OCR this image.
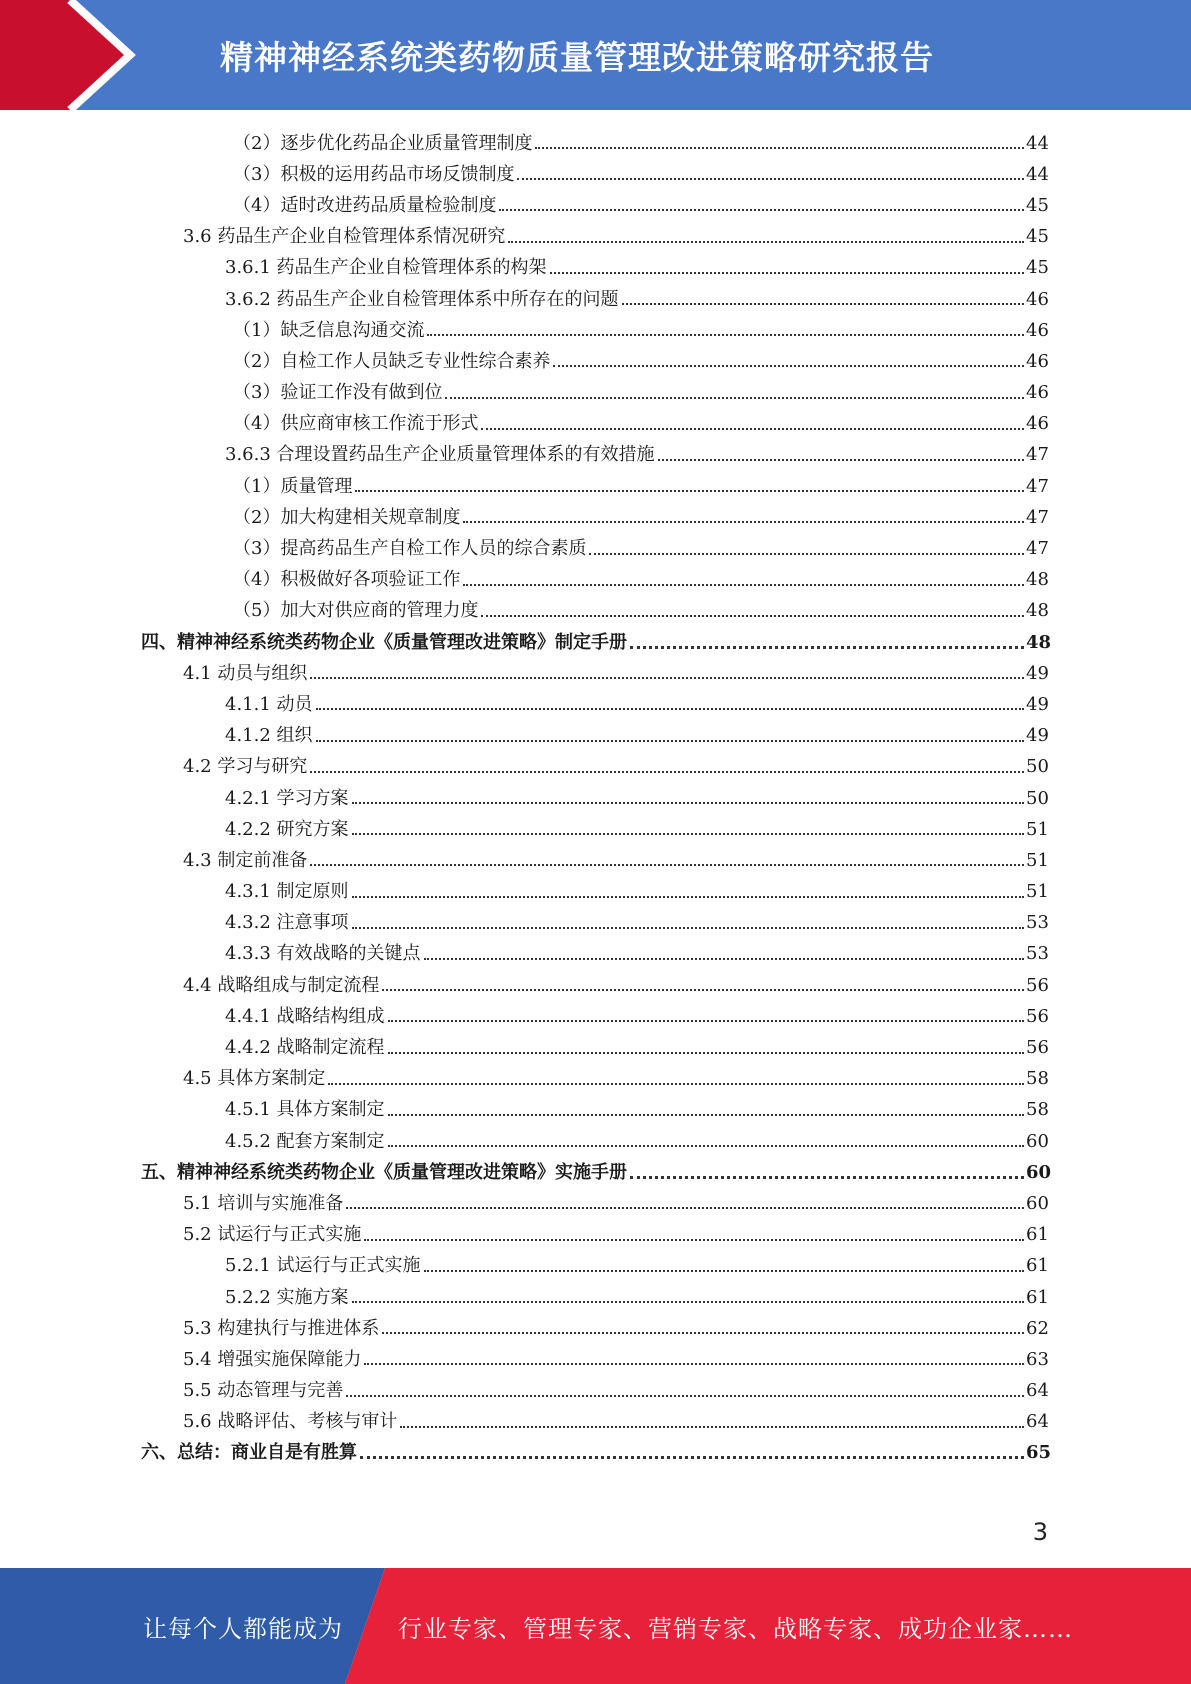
精神神经系统类药物质量管理改进策略研究报告
（2）逐步优化药品企业质量管理制度	44
（3）积极的运用药品市场反馈制度	44
（4）适时改进药品质量检验制度	45
3.6 药品生产企业自检管理体系情况研究	45
3.6.1 药品生产企业自检管理体系的构架	45
3.6.2 药品生产企业自检管理体系中所存在的问题	46
（1）缺乏信息沟通交流	46
（2）自检工作人员缺乏专业性综合素养	46
（3）验证工作没有做到位	46
（4）供应商审核工作流于形式	46
3.6.3 合理设置药品生产企业质量管理体系的有效措施	47
（1）质量管理	47
（2）加大构建相关规章制度	47
（3）提高药品生产自检工作人员的综合素质	47
（4）积极做好各项验证工作	48
（5）加大对供应商的管理力度	48
四、精神神经系统类药物企业《质量管理改进策略》制定手册	48
4.1 动员与组织	49
4.1.1 动员	49
4.1.2 组织	49
4.2 学习与研究	50
4.2.1 学习方案	50
4.2.2 研究方案	51
4.3 制定前准备	51
4.3.1 制定原则	51
4.3.2 注意事项	53
4.3.3 有效战略的关键点	53
4.4 战略组成与制定流程	56
4.4.1 战略结构组成	56
4.4.2 战略制定流程	56
4.5 具体方案制定	58
4.5.1 具体方案制定	58
4.5.2 配套方案制定	60
五、精神神经系统类药物企业《质量管理改进策略》实施手册	60
5.1 培训与实施准备	60
5.2 试运行与正式实施	61
5.2.1 试运行与正式实施	61
5.2.2 实施方案	61
5.3 构建执行与推进体系	62
5.4 增强实施保障能力	63
5.5 动态管理与完善	64
5.6 战略评估、考核与审计	64
六、总结：商业自是有胜算	65
3
让每个人都能成为 行业专家、管理专家、营销专家、战略专家、成功企业家……
